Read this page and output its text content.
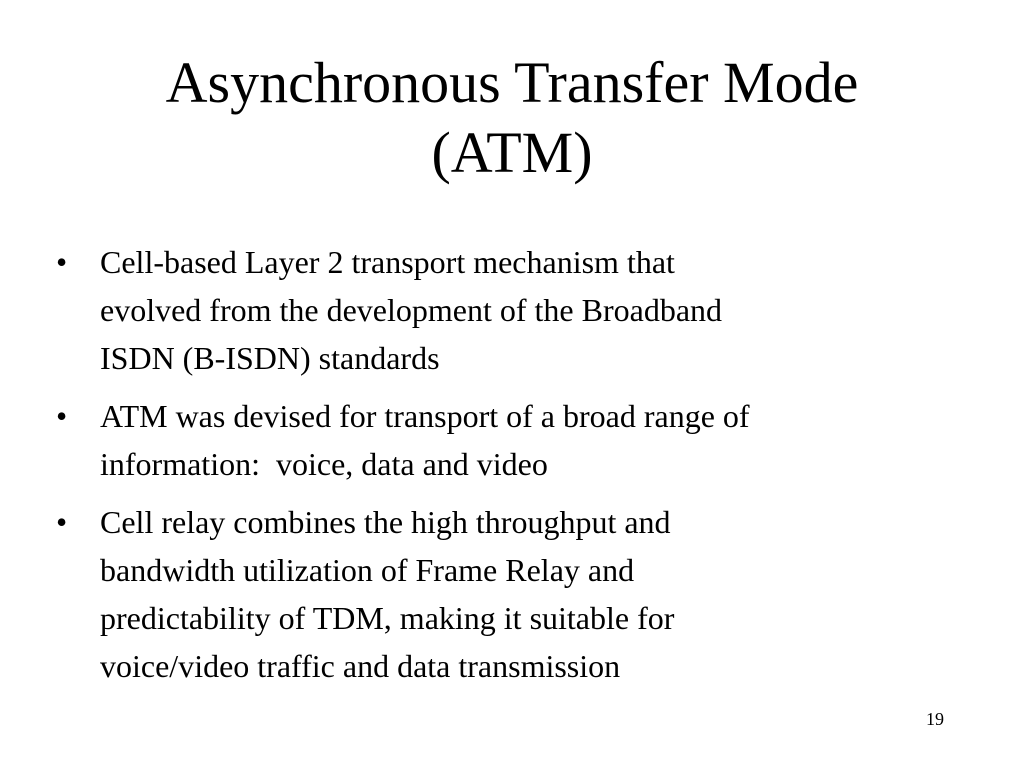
Asynchronous Transfer Mode
(ATM)
•	Cell-based Layer 2 transport mechanism that
evolved from the development of the Broadband
ISDN (B-ISDN) standards
•	ATM was devised for transport of a broad range of
information:  voice, data and video
•	Cell relay combines the high throughput and
bandwidth utilization of Frame Relay and
predictability of TDM, making it suitable for
voice/video traffic and data transmission
19
